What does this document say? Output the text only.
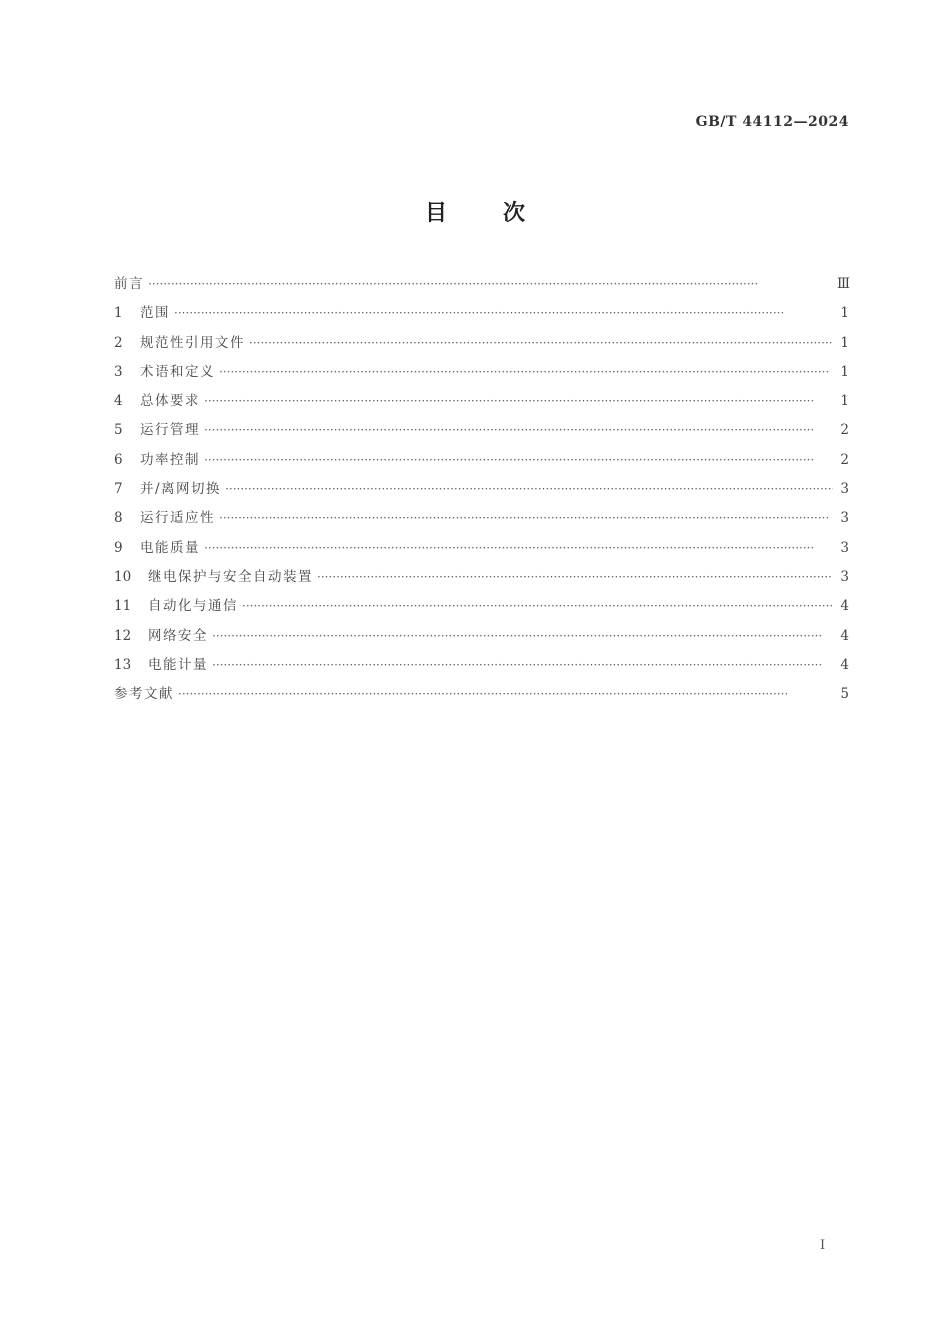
GB/T 44112—2024
目	次
前言 ·····	Ⅲ
1	范围 ·····	1
2	规范性引用文件 ·····	1
3	术语和定义 ·····	1
4	总体要求 ·····	1
5	运行管理 ·····	2
6	功率控制 ·····	2
7	并/离网切换 ·····	3
8	运行适应性 ·····	3
9	电能质量 ·····	3
10	继电保护与安全自动装置 ·····	3
11	自动化与通信 ·····	4
12	网络安全 ·····	4
13	电能计量 ·····	4
参考文献 ·····	5
I
